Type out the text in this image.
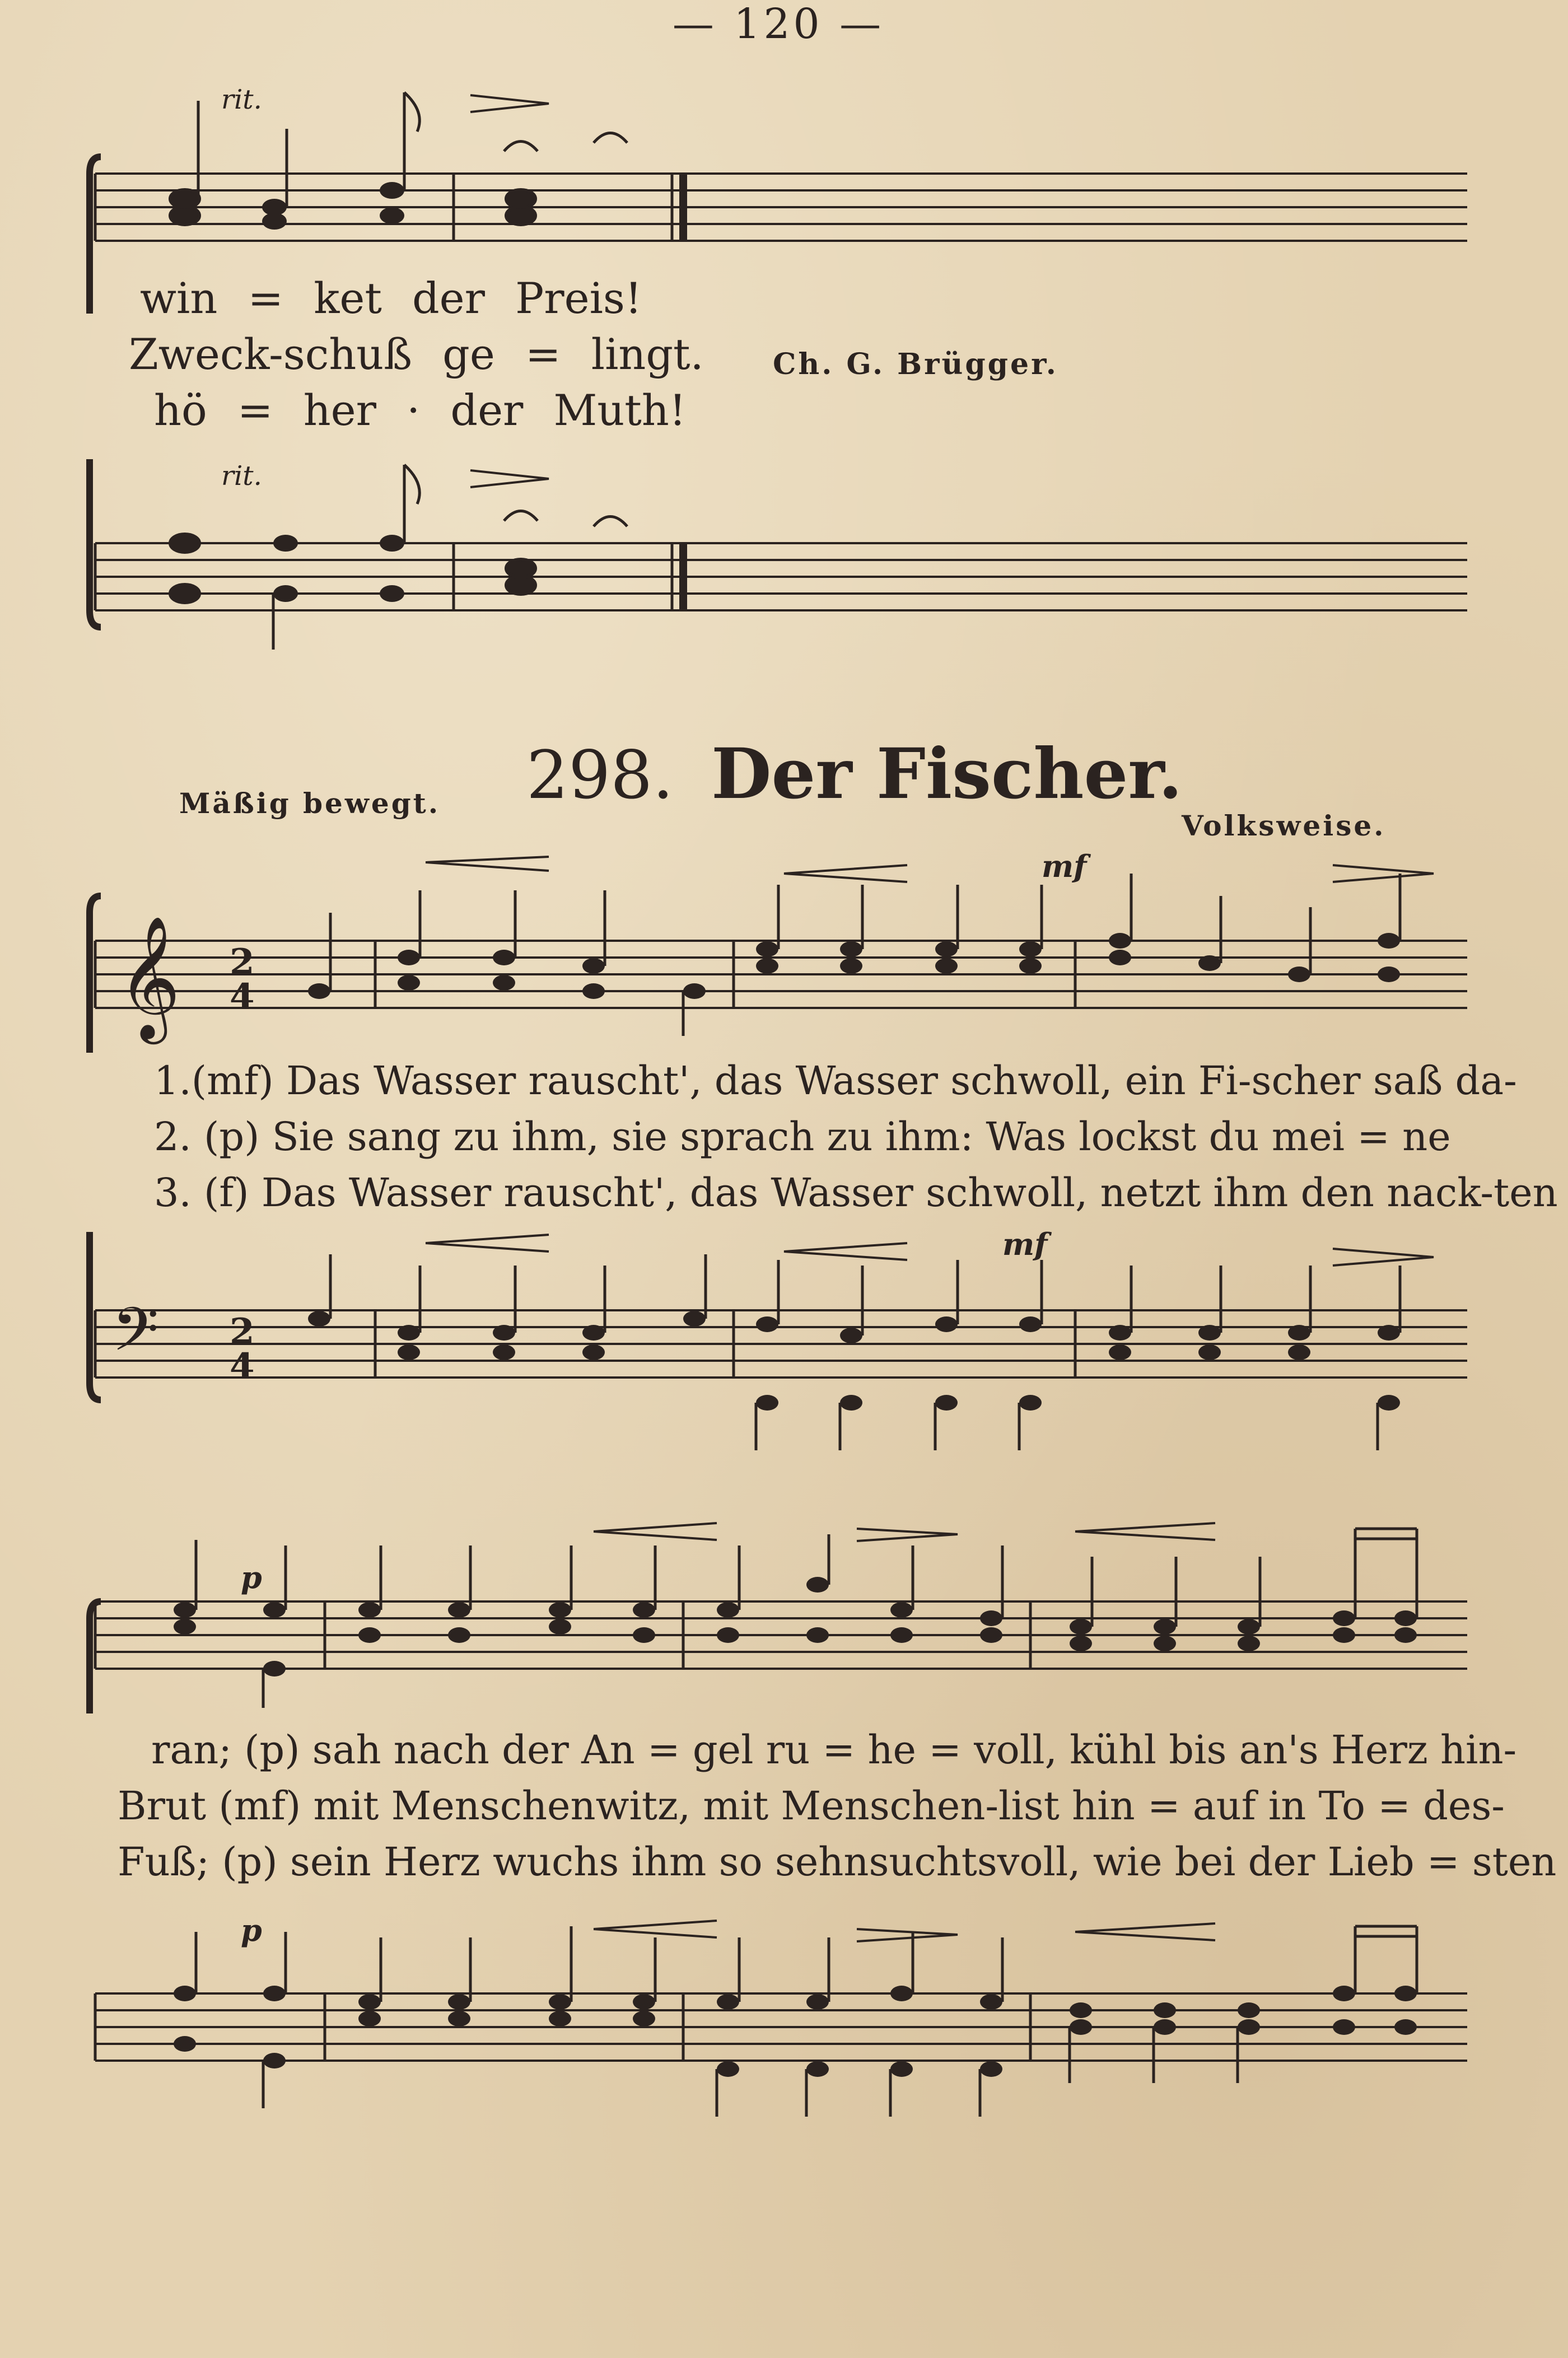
— 120 —
rit.
win = ket der Preis!
Zweck-schuß ge = lingt.
hö = her · der Muth!
Ch. G. Brügger.
rit.
298. Der Fischer.
Mäßig bewegt.
Volksweise.
𝄞 2
4
mf
1.(mf) Das Wasser rauscht', das Wasser schwoll, ein Fi-scher saß da-
2. (p) Sie sang zu ihm, sie sprach zu ihm: Was lockst du mei = ne
3. (f) Das Wasser rauscht', das Wasser schwoll, netzt ihm den nack-ten
𝄢 2
4
mf
p
ran; (p) sah nach der An = gel ru = he = voll, kühl bis an's Herz hin-
Brut (mf) mit Menschenwitz, mit Menschen-list hin = auf in To = des-
Fuß; (p) sein Herz wuchs ihm so sehnsuchtsvoll, wie bei der Lieb = sten
p
